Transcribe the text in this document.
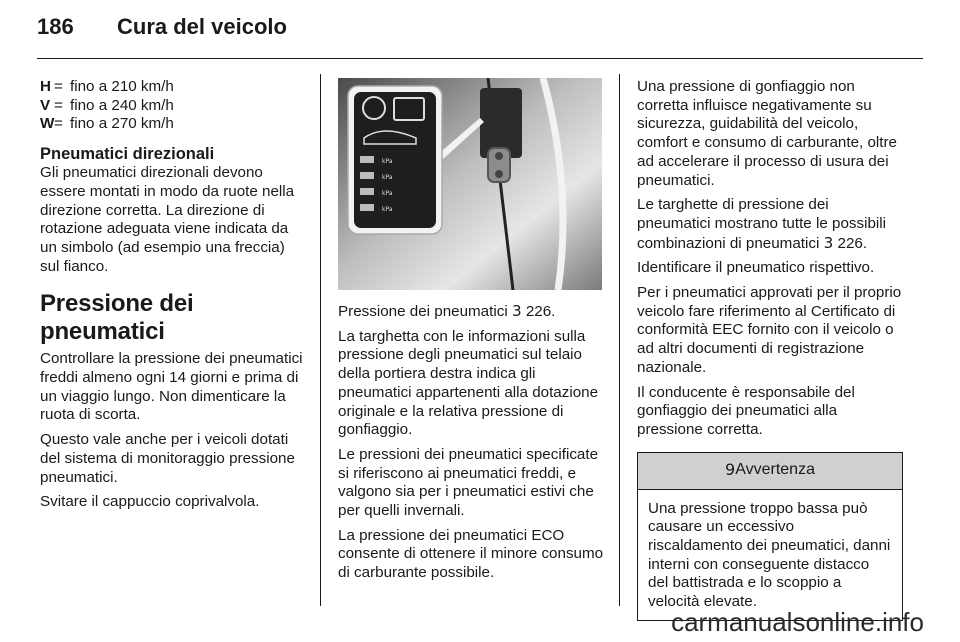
186 Cura del veicolo
H = fino a 210 km/h
V = fino a 240 km/h
W = fino a 270 km/h
Pneumatici direzionali

Gli pneumatici direzionali devono essere montati in modo da ruote nella direzione corretta. La direzione di rotazione adeguata viene indicata da un simbolo (ad esempio una freccia) sul fianco.

Pressione dei pneumatici

Controllare la pressione dei pneumatici freddi almeno ogni 14 giorni e prima di un viaggio lungo. Non dimenticare la ruota di scorta.

Questo vale anche per i veicoli dotati del sistema di monitoraggio pressione pneumatici.

Svitare il cappuccio coprivalvola.

kPa
kPa
kPa
kPa

Pressione dei pneumatici 3 226.

La targhetta con le informazioni sulla pressione degli pneumatici sul telaio della portiera destra indica gli pneumatici appartenenti alla dotazione originale e la relativa pressione di gonfiaggio.

Le pressioni dei pneumatici specificate si riferiscono ai pneumatici freddi, e valgono sia per i pneumatici estivi che per quelli invernali.

La pressione dei pneumatici ECO consente di ottenere il minore consumo di carburante possibile.

Una pressione di gonfiaggio non corretta influisce negativamente su sicurezza, guidabilità del veicolo, comfort e consumo di carburante, oltre ad accelerare il processo di usura dei pneumatici.

Le targhette di pressione dei pneumatici mostrano tutte le possibili combinazioni di pneumatici 3 226.

Identificare il pneumatico rispettivo.

Per i pneumatici approvati per il proprio veicolo fare riferimento al Certificato di conformità EEC fornito con il veicolo o ad altri documenti di registrazione nazionale.

Il conducente è responsabile del gonfiaggio dei pneumatici alla pressione corretta.

9 Avvertenza
Una pressione troppo bassa può causare un eccessivo riscaldamento dei pneumatici, danni interni con conseguente distacco del battistrada e lo scoppio a velocità elevate.
carmanualsonline.info
